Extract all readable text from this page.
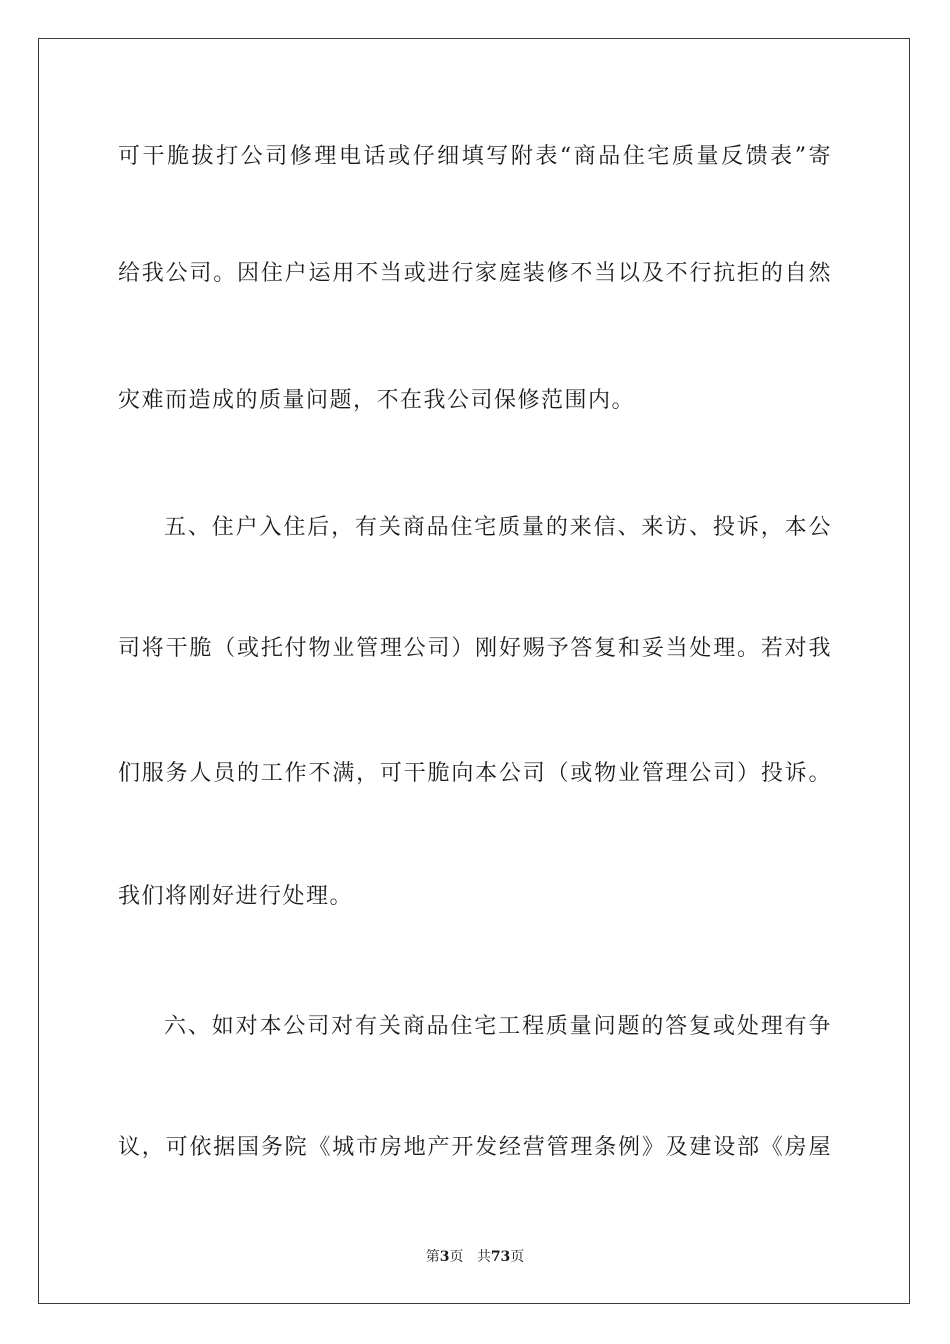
可干脆拔打公司修理电话或仔细填写附表“商品住宅质量反馈表”寄
给我公司。因住户运用不当或进行家庭装修不当以及不行抗拒的自然
灾难而造成的质量问题，不在我公司保修范围内。
五、住户入住后，有关商品住宅质量的来信、来访、投诉，本公
司将干脆（或托付物业管理公司）刚好赐予答复和妥当处理。若对我
们服务人员的工作不满，可干脆向本公司（或物业管理公司）投诉。
我们将刚好进行处理。
六、如对本公司对有关商品住宅工程质量问题的答复或处理有争
议，可依据国务院《城市房地产开发经营管理条例》及建设部《房屋
第3页 共73页
